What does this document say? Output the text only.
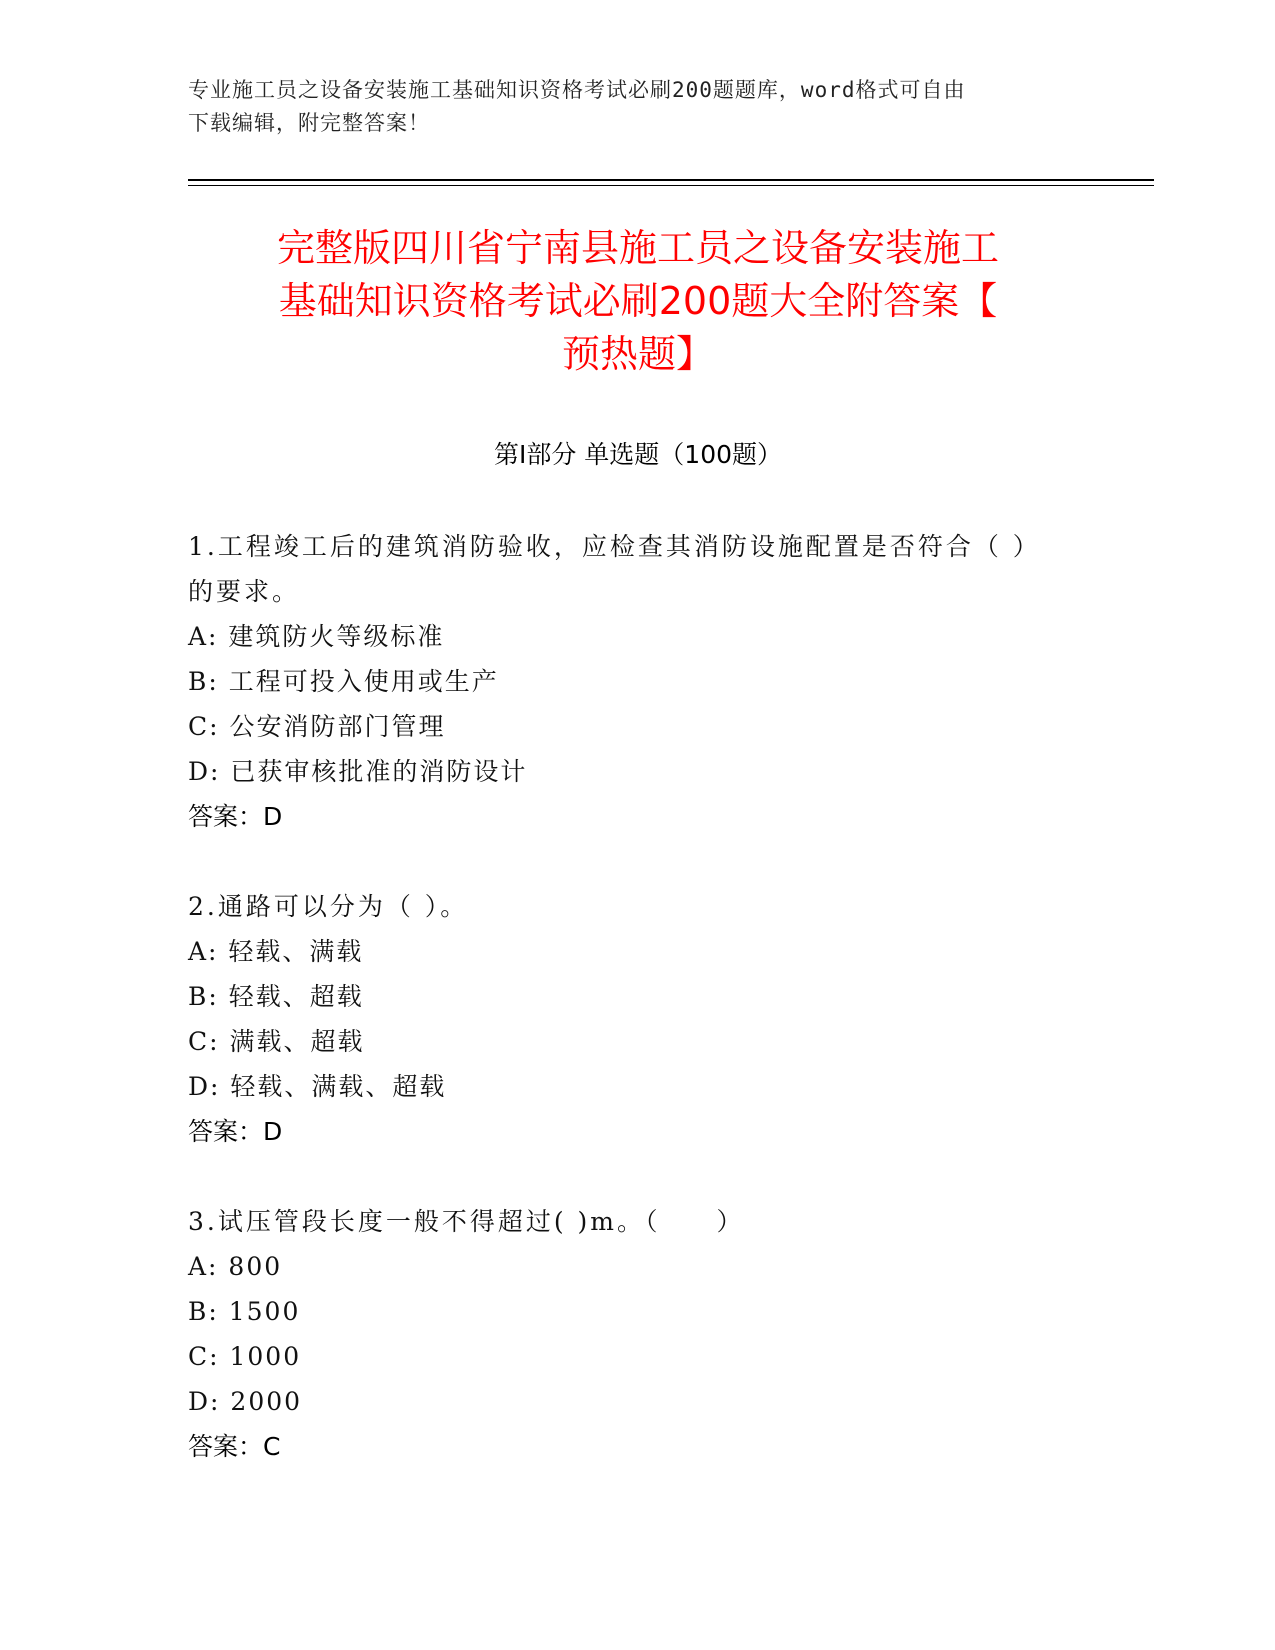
专业施工员之设备安装施工基础知识资格考试必刷200题题库，word格式可自由
下载编辑，附完整答案！
完整版四川省宁南县施工员之设备安装施工
基础知识资格考试必刷200题大全附答案【
预热题】
第Ⅰ部分 单选题（100题）
1.工程竣工后的建筑消防验收，应检查其消防设施配置是否符合（ ）
的要求。
A: 建筑防火等级标准
B: 工程可投入使用或生产
C: 公安消防部门管理
D: 已获审核批准的消防设计
答案：D
2.通路可以分为（ ）。
A: 轻载、满载
B: 轻载、超载
C: 满载、超载
D: 轻载、满载、超载
答案：D
3.试压管段长度一般不得超过( )m。（　　）
A: 800
B: 1500
C: 1000
D: 2000
答案：C
